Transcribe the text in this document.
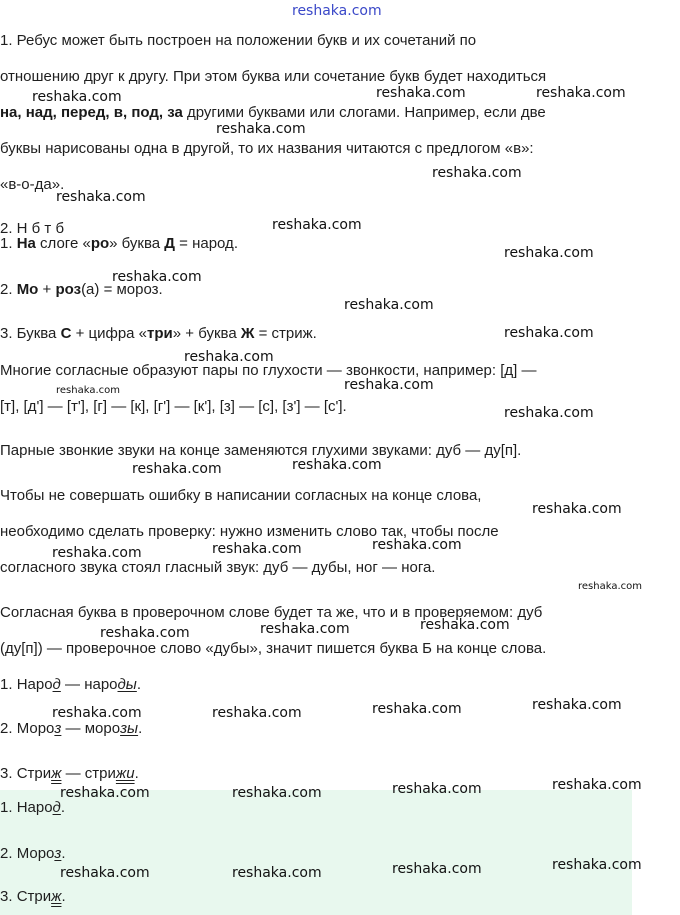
1. Ребус может быть построен на положении букв и их сочетаний по
отношению друг к другу. При этом буква или сочетание букв будет находиться
на, над, перед, в, под, за другими буквами или слогами. Например, если две
буквы нарисованы одна в другой, то их названия читаются с предлогом «в»:
«в-о-да».
2. Н б т б
1. На слоге «ро» буква Д = народ.
2. Мо + роз(а) = мороз.
3. Буква С + цифра «три» + буква Ж = стриж.
Многие согласные образуют пары по глухости — звонкости, например: [д] —
[т], [д'] — [т'], [г] — [к], [г'] — [к'], [з] — [с], [з'] — [с'].
Парные звонкие звуки на конце заменяются глухими звуками: дуб — ду[п].
Чтобы не совершать ошибку в написании согласных на конце слова,
необходимо сделать проверку: нужно изменить слово так, чтобы после
согласного звука стоял гласный звук: дуб — дубы, ног — нога.
Согласная буква в проверочном слове будет та же, что и в проверяемом: дуб
(ду[п]) — проверочное слово «дубы», значит пишется буква Б на конце слова.
1. Народ — народы.
2. Мороз — морозы.
3. Стриж — стрижи.
1. Народ.
2. Мороз.
3. Стриж.
reshaka.com
reshaka.com	reshaka.com	reshaka.com
reshaka.com
reshaka.com
reshaka.com
reshaka.com
reshaka.com
reshaka.com
reshaka.com
reshaka.com
reshaka.com
reshaka.com	reshaka.com
reshaka.com
reshaka.com
reshaka.com
reshaka.com
reshaka.com
reshaka.com
reshaka.com
reshaka.com
reshaka.com
reshaka.com
reshaka.com
reshaka.com
reshaka.com
reshaka.com
reshaka.com
reshaka.com
reshaka.com
reshaka.com
reshaka.com
reshaka.com
reshaka.com
reshaka.com
reshaka.com
